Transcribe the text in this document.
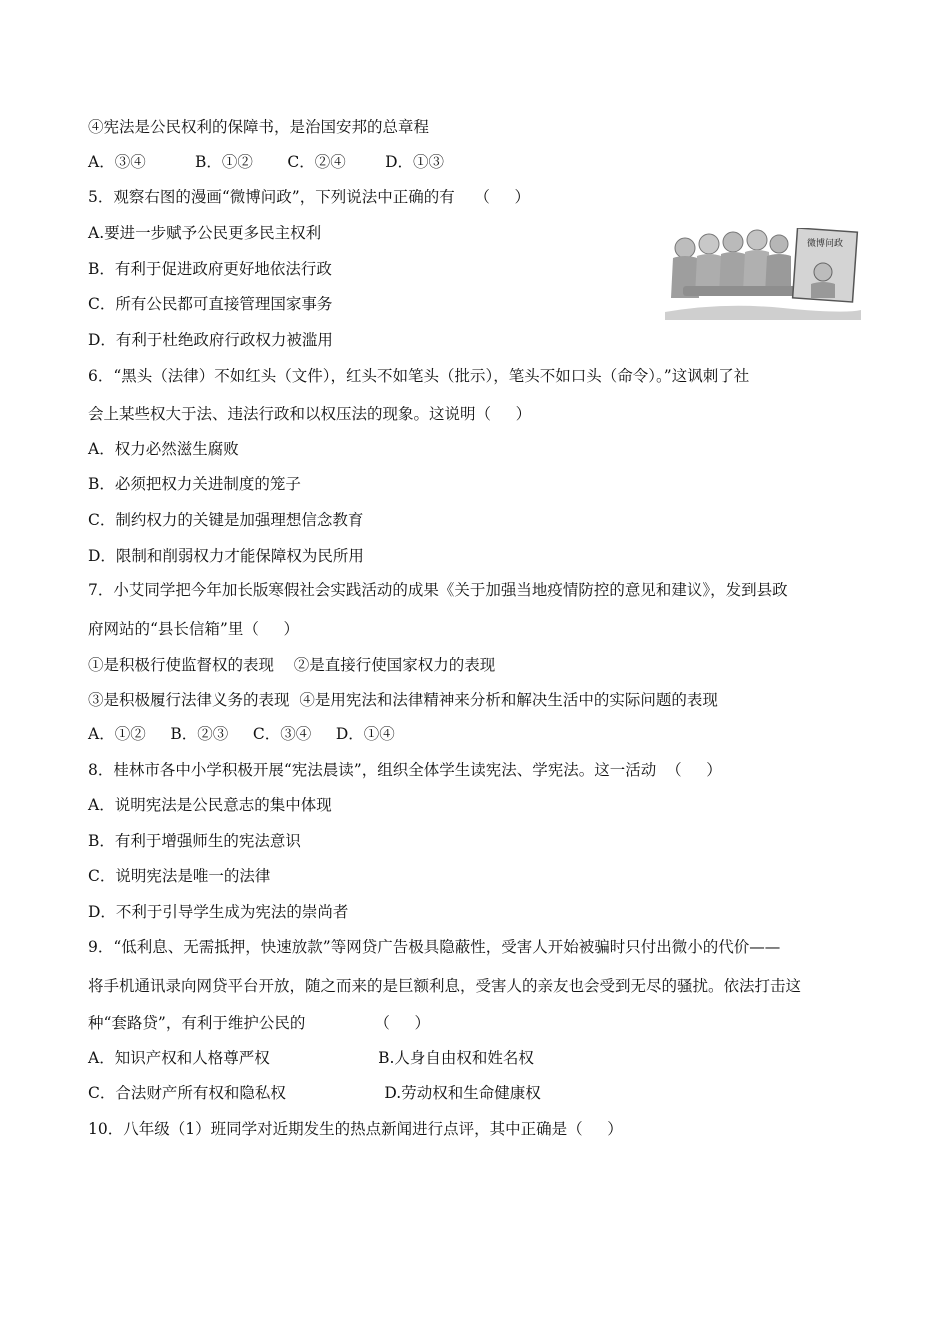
④宪法是公民权利的保障书，是治国安邦的总章程
A．③④          B．①②       C．②④        D．①③
5．观察右图的漫画“微博问政”，下列说法中正确的有    （     ）
A.要进一步赋予公民更多民主权利
B．有利于促进政府更好地依法行政
C．所有公民都可直接管理国家事务
D．有利于杜绝政府行政权力被滥用
6．“黑头（法律）不如红头（文件），红头不如笔头（批示），笔头不如口头（命令）。”这讽刺了社
会上某些权大于法、违法行政和以权压法的现象。这说明（     ）
A．权力必然滋生腐败
B．必须把权力关进制度的笼子
C．制约权力的关键是加强理想信念教育
D．限制和削弱权力才能保障权为民所用
7．小艾同学把今年加长版寒假社会实践活动的成果《关于加强当地疫情防控的意见和建议》，发到县政
府网站的“县长信箱”里（     ）
①是积极行使监督权的表现    ②是直接行使国家权力的表现
③是积极履行法律义务的表现  ④是用宪法和法律精神来分析和解决生活中的实际问题的表现
A．①②     B．②③     C．③④     D．①④
8．桂林市各中小学积极开展“宪法晨读”，组织全体学生读宪法、学宪法。这一活动  （     ）
A．说明宪法是公民意志的集中体现
B．有利于增强师生的宪法意识
C．说明宪法是唯一的法律
D．不利于引导学生成为宪法的崇尚者
9．“低利息、无需抵押，快速放款”等网贷广告极具隐蔽性，受害人开始被骗时只付出微小的代价——
将手机通讯录向网贷平台开放，随之而来的是巨额利息，受害人的亲友也会受到无尽的骚扰。依法打击这
种“套路贷”，有利于维护公民的              （     ）
A．知识产权和人格尊严权                      B.人身自由权和姓名权
C．合法财产所有权和隐私权                    D.劳动权和生命健康权
10．八年级（1）班同学对近期发生的热点新闻进行点评，其中正确是（     ）
微博问政
